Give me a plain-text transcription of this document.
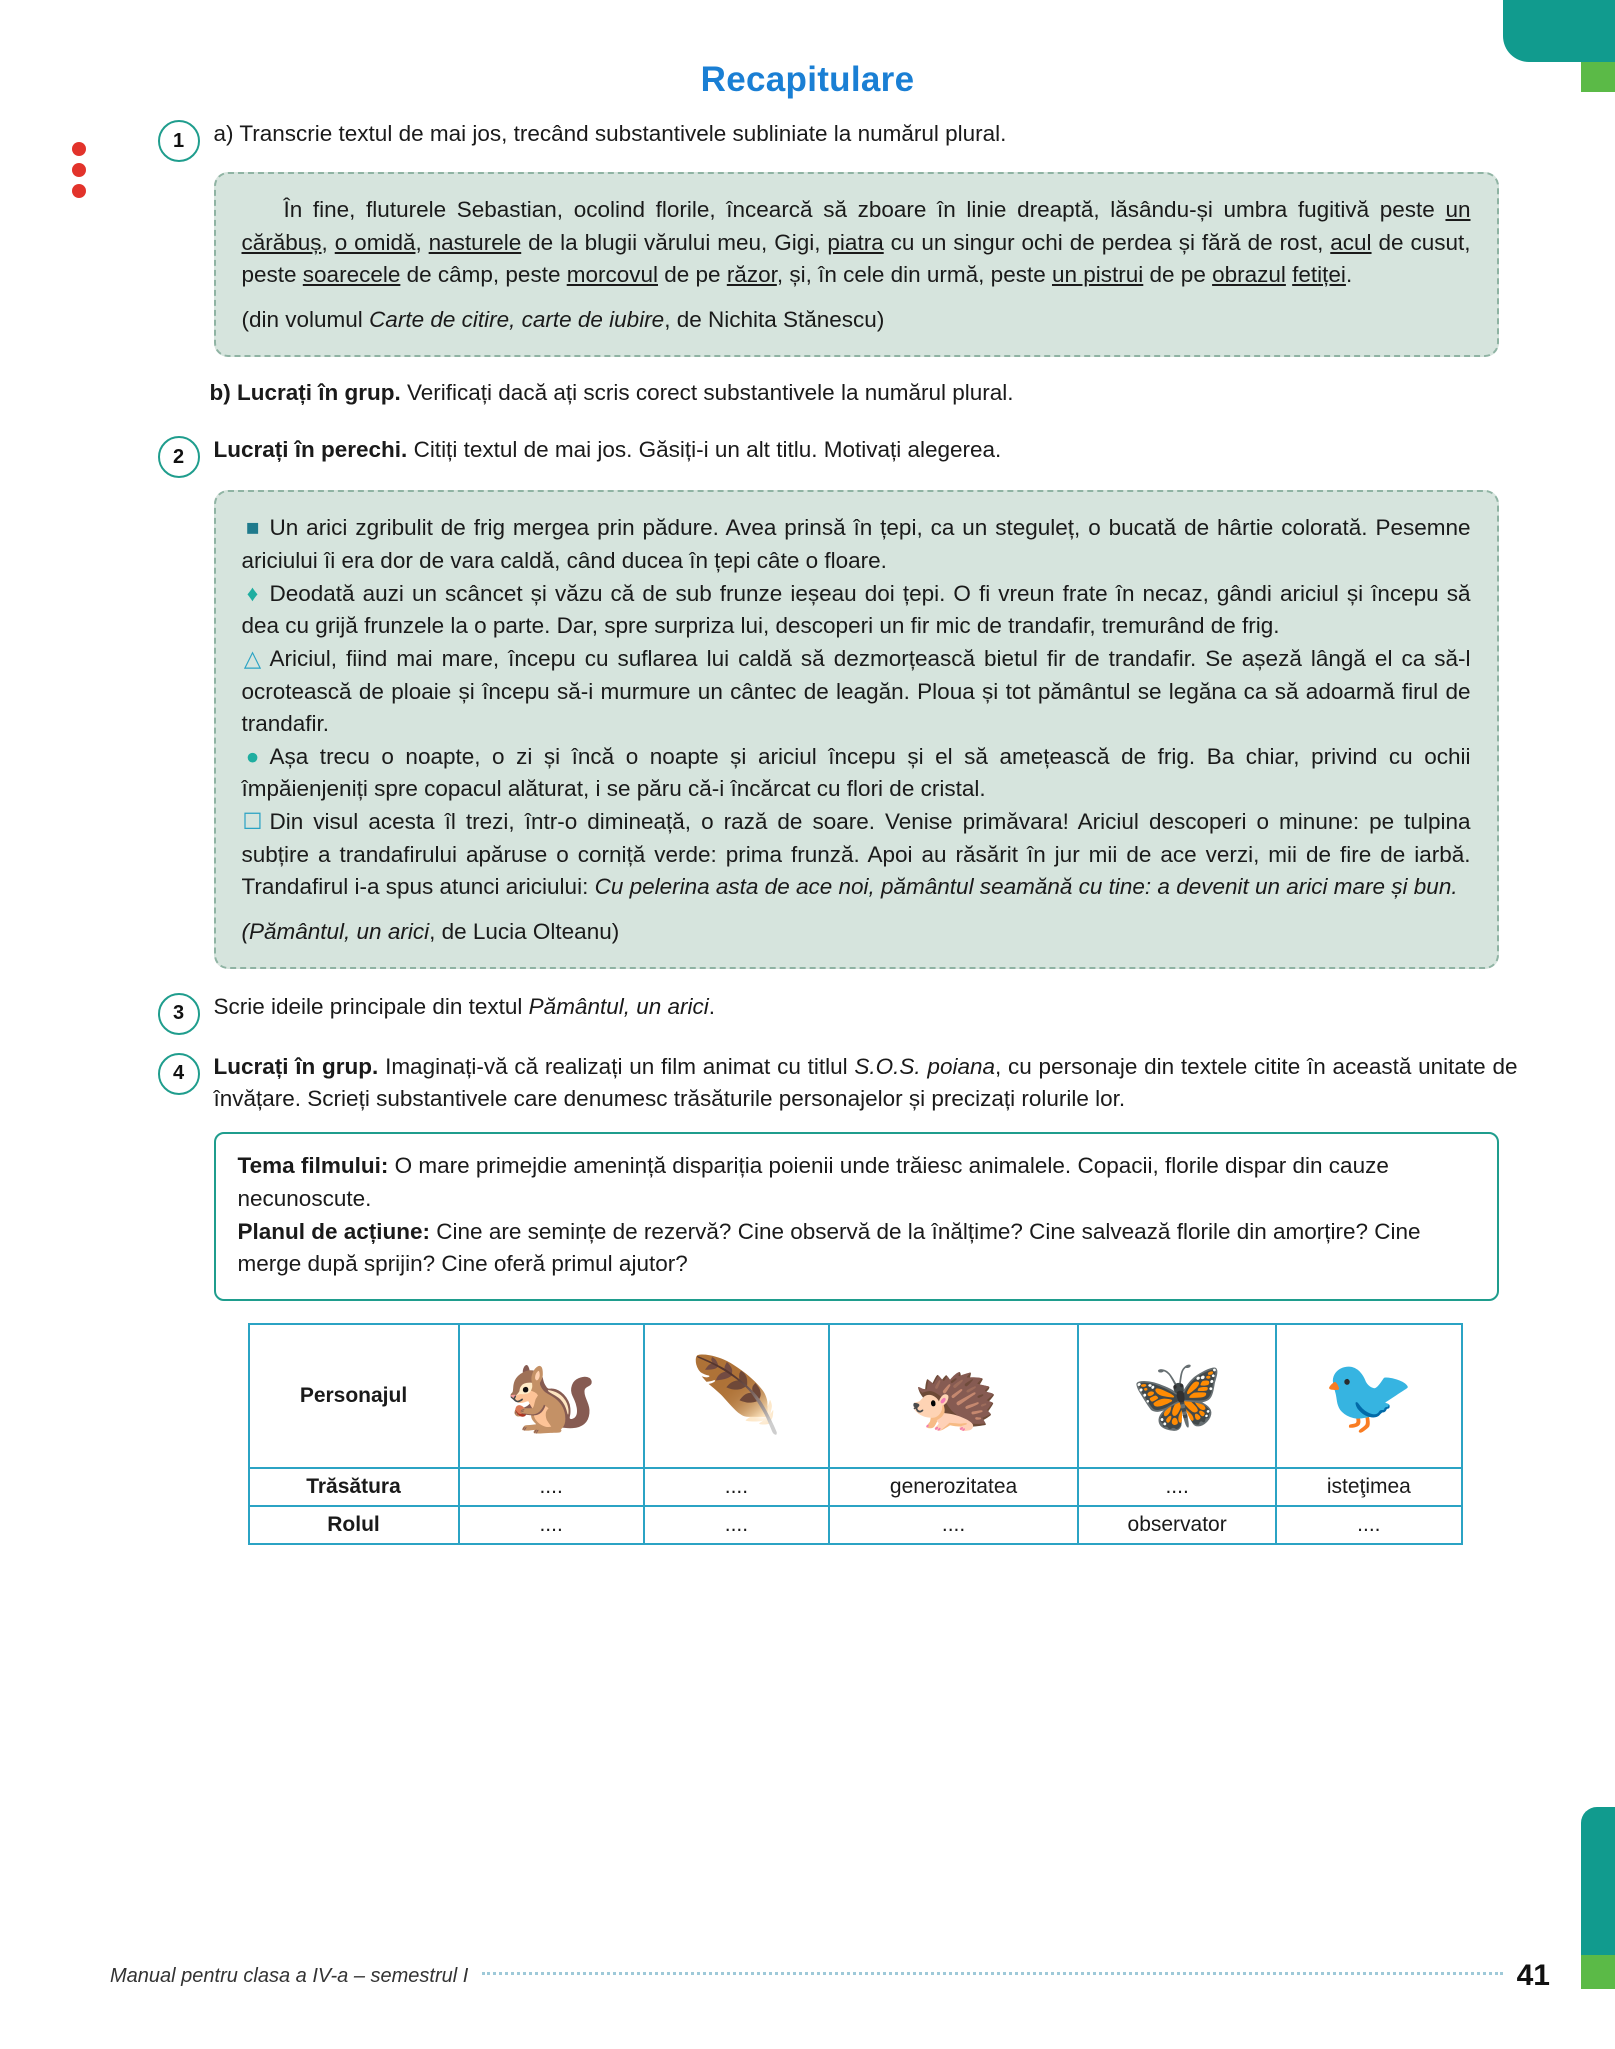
Recapitulare
1	a) Transcrie textul de mai jos, trecând substantivele subliniate la numărul plural.

În fine, fluturele Sebastian, ocolind florile, încearcă să zboare în linie dreaptă, lăsându-și umbra fugitivă peste un cărăbuș, o omidă, nasturele de la blugii vărului meu, Gigi, piatra cu un singur ochi de perdea și fără de rost, acul de cusut, peste soarecele de câmp, peste morcovul de pe răzor, și, în cele din urmă, peste un pistrui de pe obrazul fetiței.

(din volumul Carte de citire, carte de iubire, de Nichita Stănescu)

b) Lucrați în grup. Verificați dacă ați scris corect substantivele la numărul plural.
2	Lucrați în perechi. Citiți textul de mai jos. Găsiți-i un alt titlu. Motivați alegerea.

■ Un arici zgribulit de frig mergea prin pădure. Avea prinsă în țepi, ca un steguleț, o bucată de hârtie colorată. Pesemne ariciului îi era dor de vara caldă, când ducea în țepi câte o floare.

♦ Deodată auzi un scâncet și văzu că de sub frunze ieșeau doi țepi. O fi vreun frate în necaz, gândi ariciul și începu să dea cu grijă frunzele la o parte. Dar, spre surpriza lui, descoperi un fir mic de trandafir, tremurând de frig.

△ Ariciul, fiind mai mare, începu cu suflarea lui caldă să dezmorțească bietul fir de trandafir. Se așeză lângă el ca să-l ocrotească de ploaie și începu să-i murmure un cântec de leagăn. Ploua și tot pământul se legăna ca să adoarmă firul de trandafir.

● Așa trecu o noapte, o zi și încă o noapte și ariciul începu și el să amețească de frig. Ba chiar, privind cu ochii împăienjeniți spre copacul alăturat, i se păru că-i încărcat cu flori de cristal.

☐ Din visul acesta îl trezi, într-o dimineață, o rază de soare. Venise primăvara! Ariciul descoperi o minune: pe tulpina subțire a trandafirului apăruse o corniță verde: prima frunză. Apoi au răsărit în jur mii de ace verzi, mii de fire de iarbă. Trandafirul i-a spus atunci ariciului: Cu pelerina asta de ace noi, pământul seamănă cu tine: a devenit un arici mare și bun.

(Pământul, un arici, de Lucia Olteanu)

3	Scrie ideile principale din textul Pământul, un arici.
4	Lucrați în grup. Imaginați-vă că realizați un film animat cu titlul S.O.S. poiana, cu personaje din textele citite în această unitate de învățare. Scrieți substantivele care denumesc trăsăturile personajelor și precizați rolurile lor.

Tema filmului: O mare primejdie amenință dispariția poienii unde trăiesc animalele. Copacii, florile dispar din cauze necunoscute.

Planul de acțiune: Cine are semințe de rezervă? Cine observă de la înălțime? Cine salvează florile din amorțire? Cine merge după sprijin? Cine oferă primul ajutor?

Personajul	🐿️	🪶	🦔	🦋	🐦
Trăsătura	....	....	generozitatea	....	isteţimea
Rolul	....	....	....	observator	....
Manual pentru clasa a IV-a – semestrul I	41
